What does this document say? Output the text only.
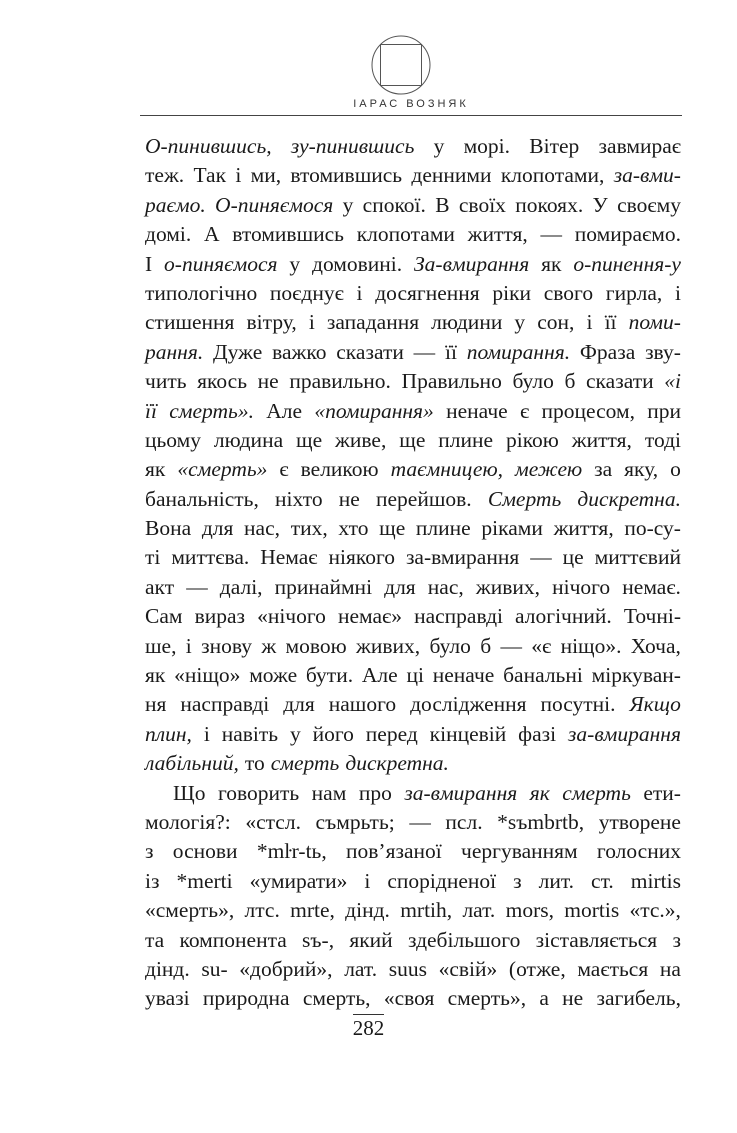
ІАРАС ВОЗНЯК
О-пинившись, зу-пинившись у морі. Вітер завмирає
теж. Так і ми, втомившись денними клопотами, за-вми-
раємо. О-пиняємося у спокої. В своїх покоях. У своєму
домі. А втомившись клопотами життя, — помираємо.
І о-пиняємося у домовині. За-вмирання як о-пинення-у
типологічно поєднує і досягнення ріки свого гирла, і
стишення вітру, і западання людини у сон, і її поми-
рання. Дуже важко сказати — її помирання. Фраза зву-
чить якось не правильно. Правильно було б сказати «і
її смерть». Але «помирання» неначе є процесом, при
цьому людина ще живе, ще плине рікою життя, тоді
як «смерть» є великою таємницею, межею за яку, о
банальність, ніхто не перейшов. Смерть дискретна.
Вона для нас, тих, хто ще плине ріками життя, по-су-
ті миттєва. Немає ніякого за-вмирання — це миттєвий
акт — далі, принаймні для нас, живих, нічого немає.
Сам вираз «нічого немає» насправді алогічний. Точні-
ше, і знову ж мовою живих, було б — «є ніщо». Хоча,
як «ніщо» може бути. Але ці неначе банальні міркуван-
ня насправді для нашого дослідження посутні. Якщо
плин, і навіть у його перед кінцевій фазі за-вмирання
лабільний, то смерть дискретна.
Що говорить нам про за-вмирання як смерть ети-
мологія?: «стсл. съмрьть; — псл. *sъmbrtb, утворене
з основи *mŀr-tь, пов’язаної чергуванням голосних
із *merti «умирати» і спорідненої з лит. ст. mirtis
«смерть», лтс. mrte, дінд. mrtih, лат. mors, mortis «тс.»,
та компонента sъ-, який здебільшого зіставляється з
дінд. su- «добрий», лат. suus «свій» (отже, мається на
увазі природна смерть, «своя смерть», а не загибель,
282
